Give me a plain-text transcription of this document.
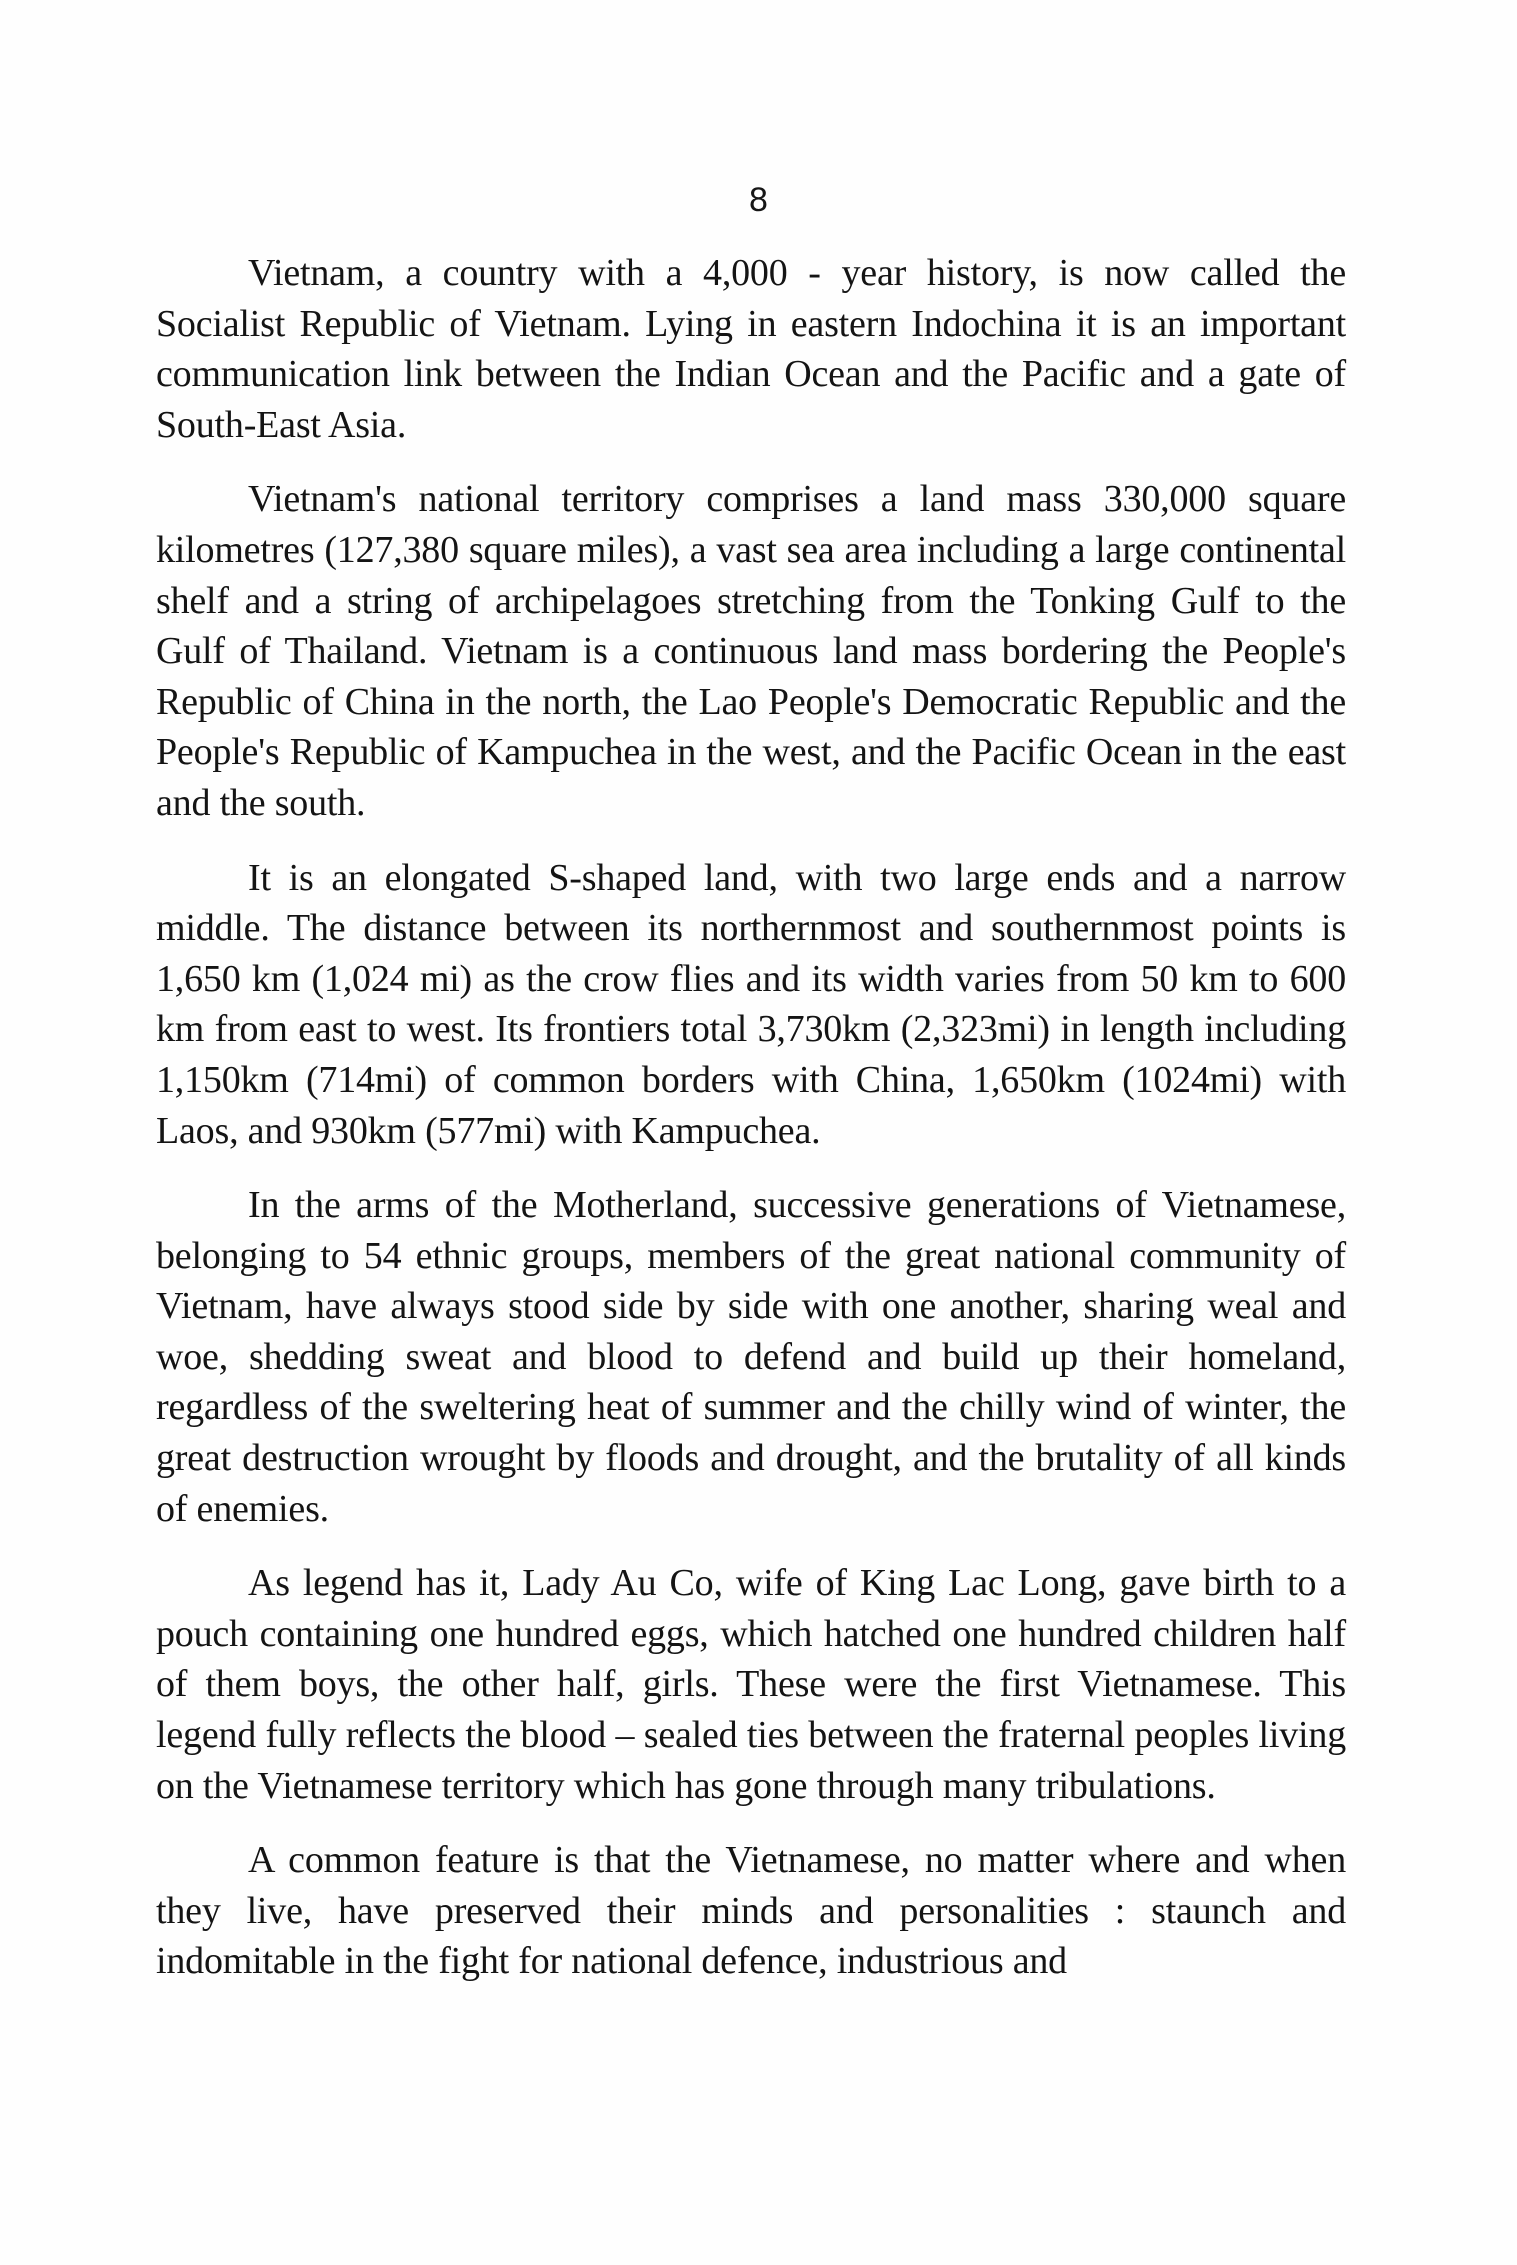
8

Vietnam, a country with a 4,000 - year history, is now called the Socialist Republic of Vietnam. Lying in eastern Indochina it is an important communication link between the Indian Ocean and the Pacific and a gate of South-East Asia.

Vietnam's national territory comprises a land mass 330,000 square kilometres (127,380 square miles), a vast sea area including a large continental shelf and a string of archipelagoes stretching from the Tonking Gulf to the Gulf of Thailand. Vietnam is a continuous land mass bordering the People's Republic of China in the north, the Lao People's Democratic Republic and the People's Republic of Kampuchea in the west, and the Pacific Ocean in the east and the south.

It is an elongated S-shaped land, with two large ends and a narrow middle. The distance between its northernmost and southernmost points is 1,650 km (1,024 mi) as the crow flies and its width varies from 50 km to 600 km from east to west. Its frontiers total 3,730km (2,323mi) in length including 1,150km (714mi) of common borders with China, 1,650km (1024mi) with Laos, and 930km (577mi) with Kampuchea.

In the arms of the Motherland, successive generations of Vietnamese, belonging to 54 ethnic groups, members of the great national community of Vietnam, have always stood side by side with one another, sharing weal and woe, shedding sweat and blood to defend and build up their homeland, regardless of the sweltering heat of summer and the chilly wind of winter, the great destruction wrought by floods and drought, and the brutality of all kinds of enemies.

As legend has it, Lady Au Co, wife of King Lac Long, gave birth to a pouch containing one hundred eggs, which hatched one hundred children half of them boys, the other half, girls. These were the first Vietnamese. This legend fully reflects the blood – sealed ties between the fraternal peoples living on the Vietnamese territory which has gone through many tribulations.

A common feature is that the Vietnamese, no matter where and when they live, have preserved their minds and personalities : staunch and indomitable in the fight for national defence, industrious and
